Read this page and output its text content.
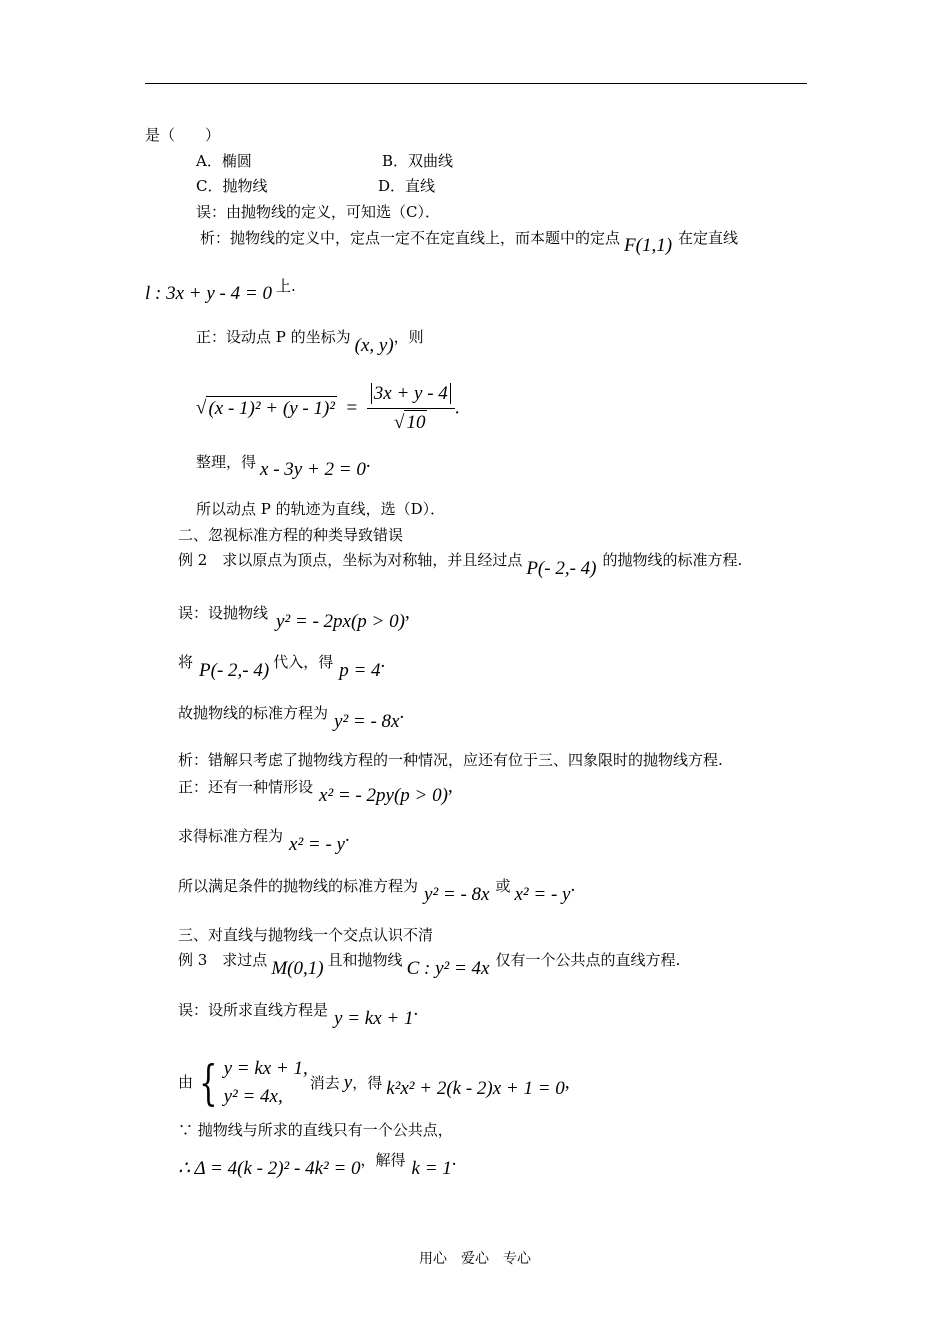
是（　　）
A．椭圆	B．双曲线
C．抛物线	D．直线
误：由抛物线的定义，可知选（C）．
析：抛物线的定义中，定点一定不在定直线上，而本题中的定点 F(1,1) 在定直线
l : 3x + y - 4 = 0 上.
正：设动点 P 的坐标为 (x, y)，则
√ $(x - 1)^2 + (y - 1)^2 = \frac{3x + y - 4}{√ 10}$ .
整理，得 x - 3y + 2 = 0.
所以动点 P 的轨迹为直线，选（D）．
二、忽视标准方程的种类导致错误
例 2　求以原点为顶点，坐标为对称轴，并且经过点 P(- 2,- 4) 的抛物线的标准方程.
误：设抛物线 y² = - 2px(p > 0),
将 P(- 2,- 4) 代入，得 p = 4.
故抛物线的标准方程为 y² = - 8x.
析：错解只考虑了抛物线方程的一种情况，应还有位于三、四象限时的抛物线方程.
正：还有一种情形设 x² = - 2py(p > 0),
求得标准方程为 x² = - y.
所以满足条件的抛物线的标准方程为 y² = - 8x 或 x² = - y.
三、对直线与抛物线一个交点认识不清
例 3　求过点 M(0,1) 且和抛物线 C : y² = 4x 仅有一个公共点的直线方程.
误：设所求直线方程是 y = kx + 1.
由 { y = kx + 1,
y² = 4x,
消去 y，得 k²x² + 2(k - 2)x + 1 = 0,
∵ 抛物线与所求的直线只有一个公共点，
∴ Δ = 4(k - 2)² - 4k² = 0，解得 k = 1.
用心　爱心　专心
